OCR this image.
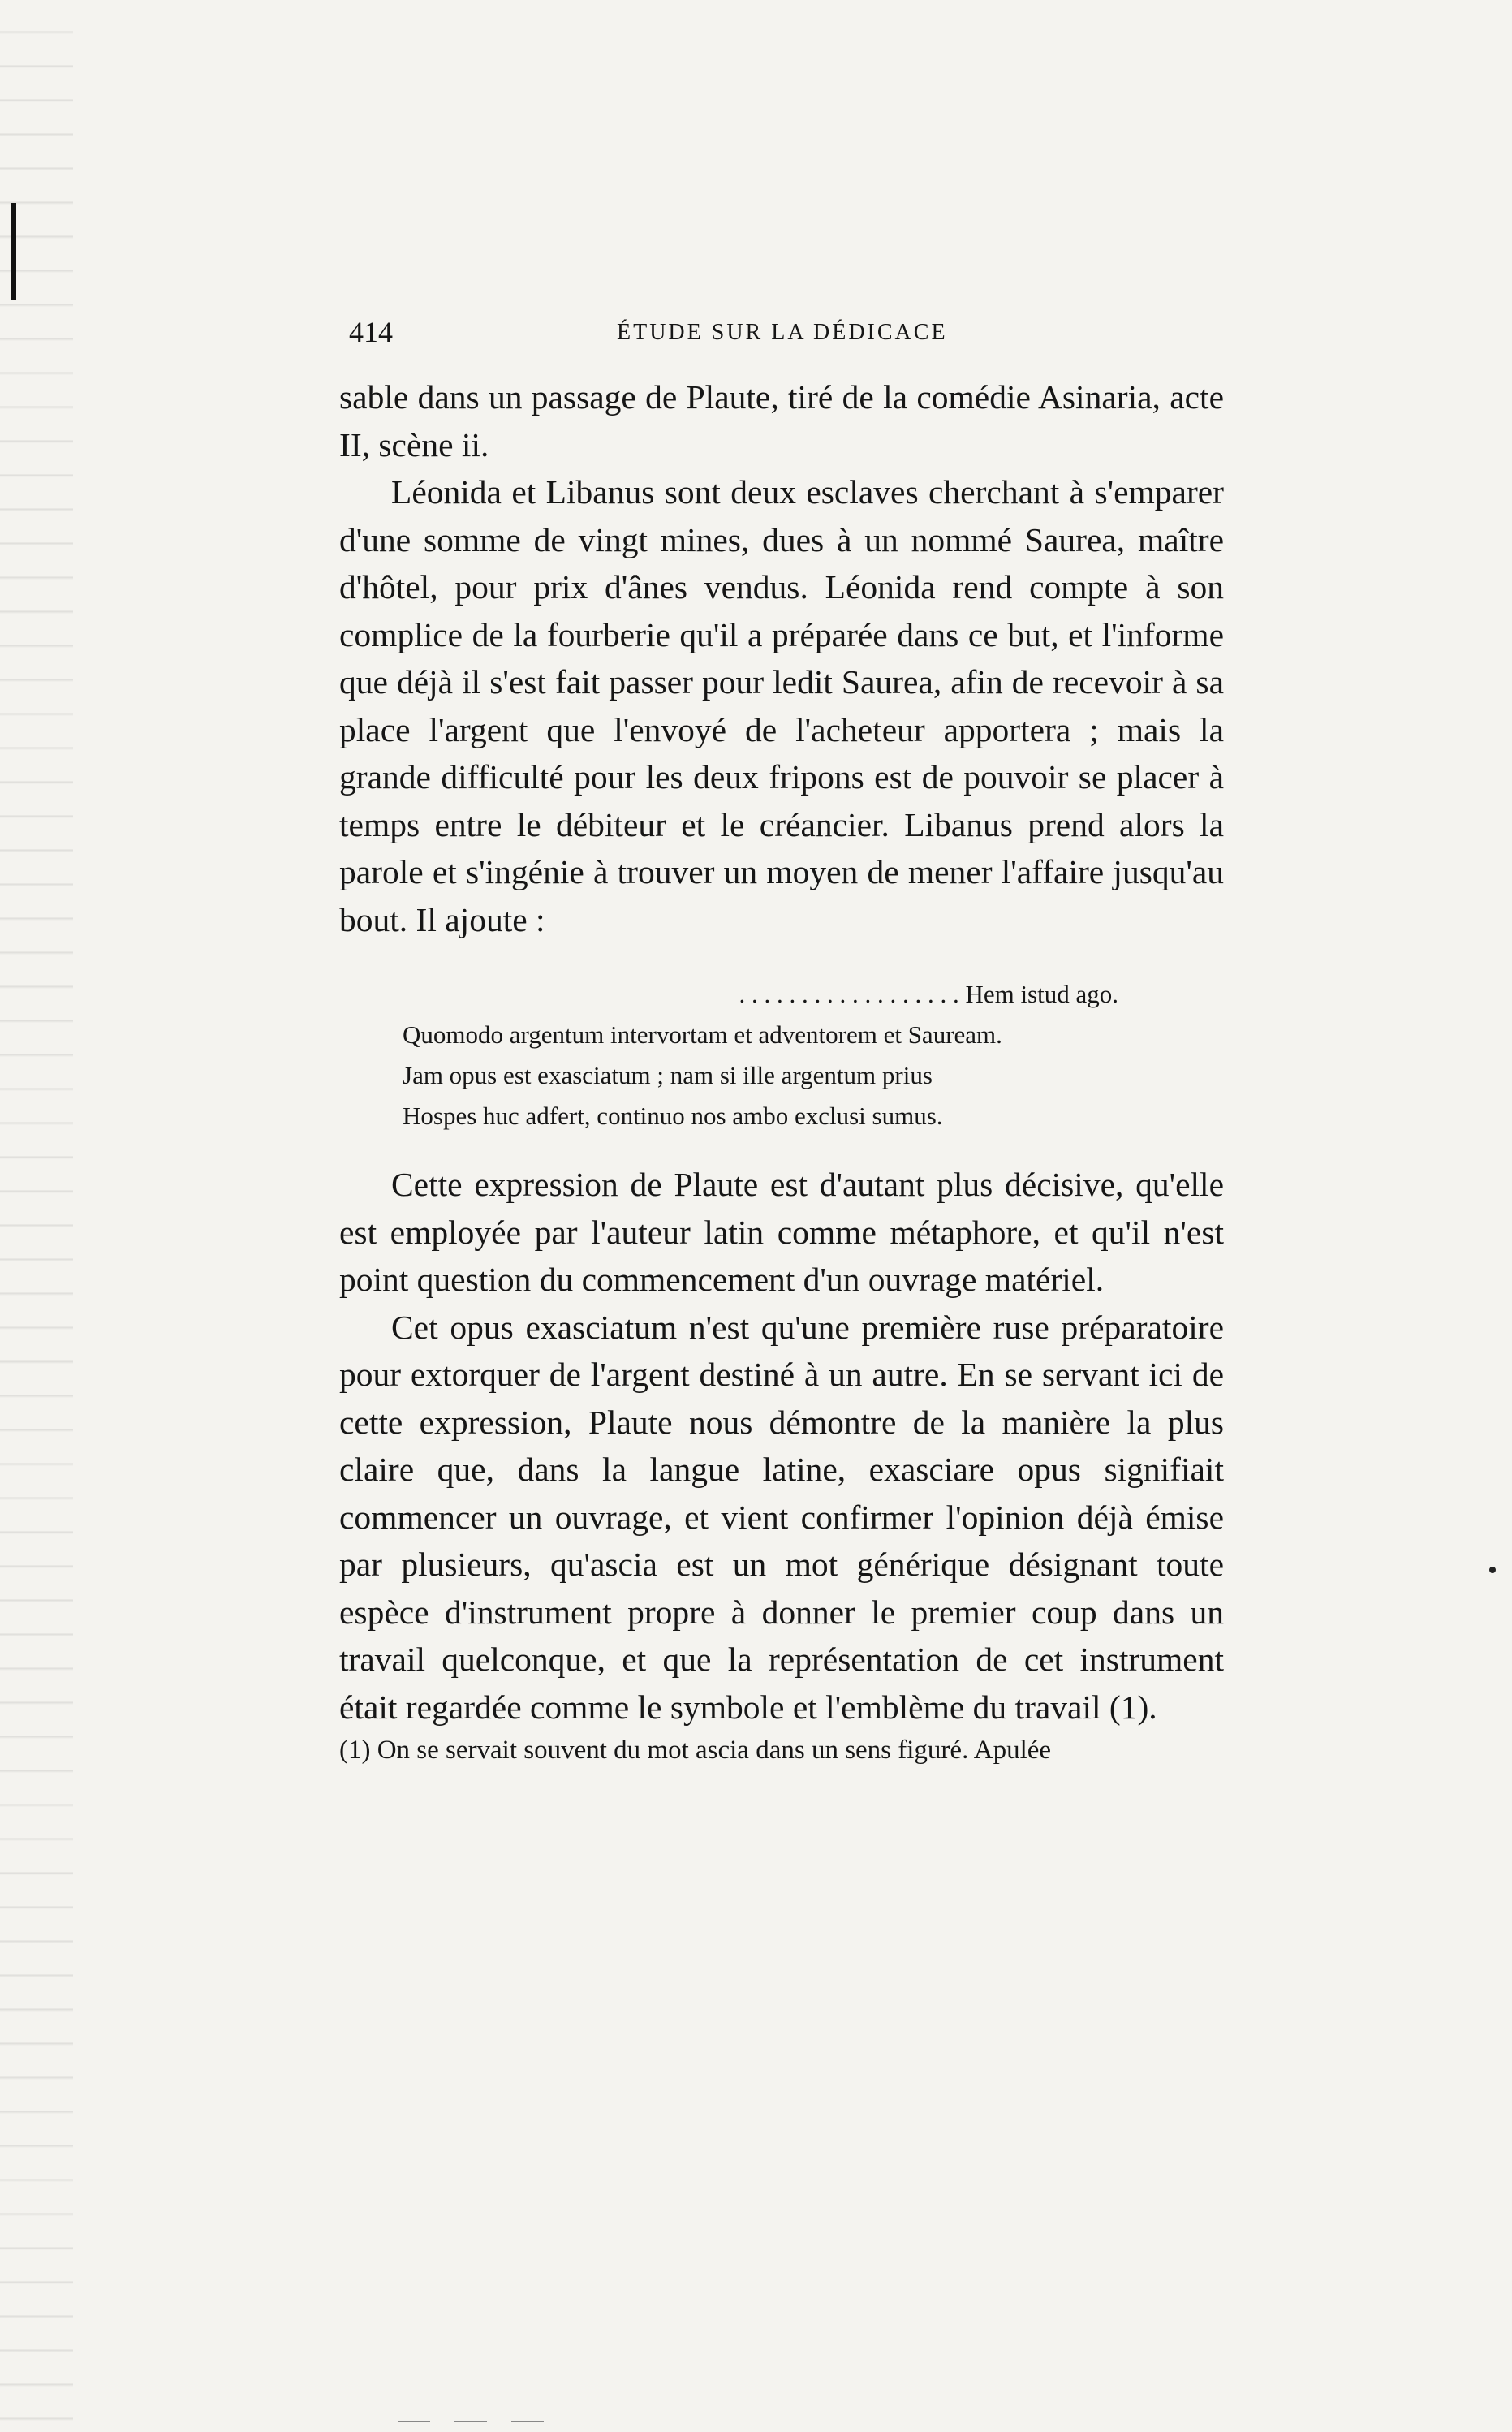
414	ÉTUDE SUR LA DÉDICACE

sable dans un passage de Plaute, tiré de la comédie Asinaria, acte II, scène ii.

Léonida et Libanus sont deux esclaves cherchant à s'emparer d'une somme de vingt mines, dues à un nommé Saurea, maître d'hôtel, pour prix d'ânes vendus. Léonida rend compte à son complice de la fourberie qu'il a préparée dans ce but, et l'informe que déjà il s'est fait passer pour ledit Saurea, afin de recevoir à sa place l'argent que l'envoyé de l'acheteur apportera ; mais la grande difficulté pour les deux fripons est de pouvoir se placer à temps entre le débiteur et le créancier. Libanus prend alors la parole et s'ingénie à trouver un moyen de mener l'affaire jusqu'au bout. Il ajoute :

. . . . . . . . . . . . . . . . . . Hem istud ago.
Quomodo argentum intervortam et adventorem et Sauream.
Jam opus est exasciatum ; nam si ille argentum prius
Hospes huc adfert, continuo nos ambo exclusi sumus.

Cette expression de Plaute est d'autant plus décisive, qu'elle est employée par l'auteur latin comme métaphore, et qu'il n'est point question du commencement d'un ouvrage matériel.

Cet opus exasciatum n'est qu'une première ruse préparatoire pour extorquer de l'argent destiné à un autre. En se servant ici de cette expression, Plaute nous démontre de la manière la plus claire que, dans la langue latine, exasciare opus signifiait commencer un ouvrage, et vient confirmer l'opinion déjà émise par plusieurs, qu'ascia est un mot générique désignant toute espèce d'instrument propre à donner le premier coup dans un travail quelconque, et que la représentation de cet instrument était regardée comme le symbole et l'emblème du travail (1).

(1) On se servait souvent du mot ascia dans un sens figuré. Apulée
